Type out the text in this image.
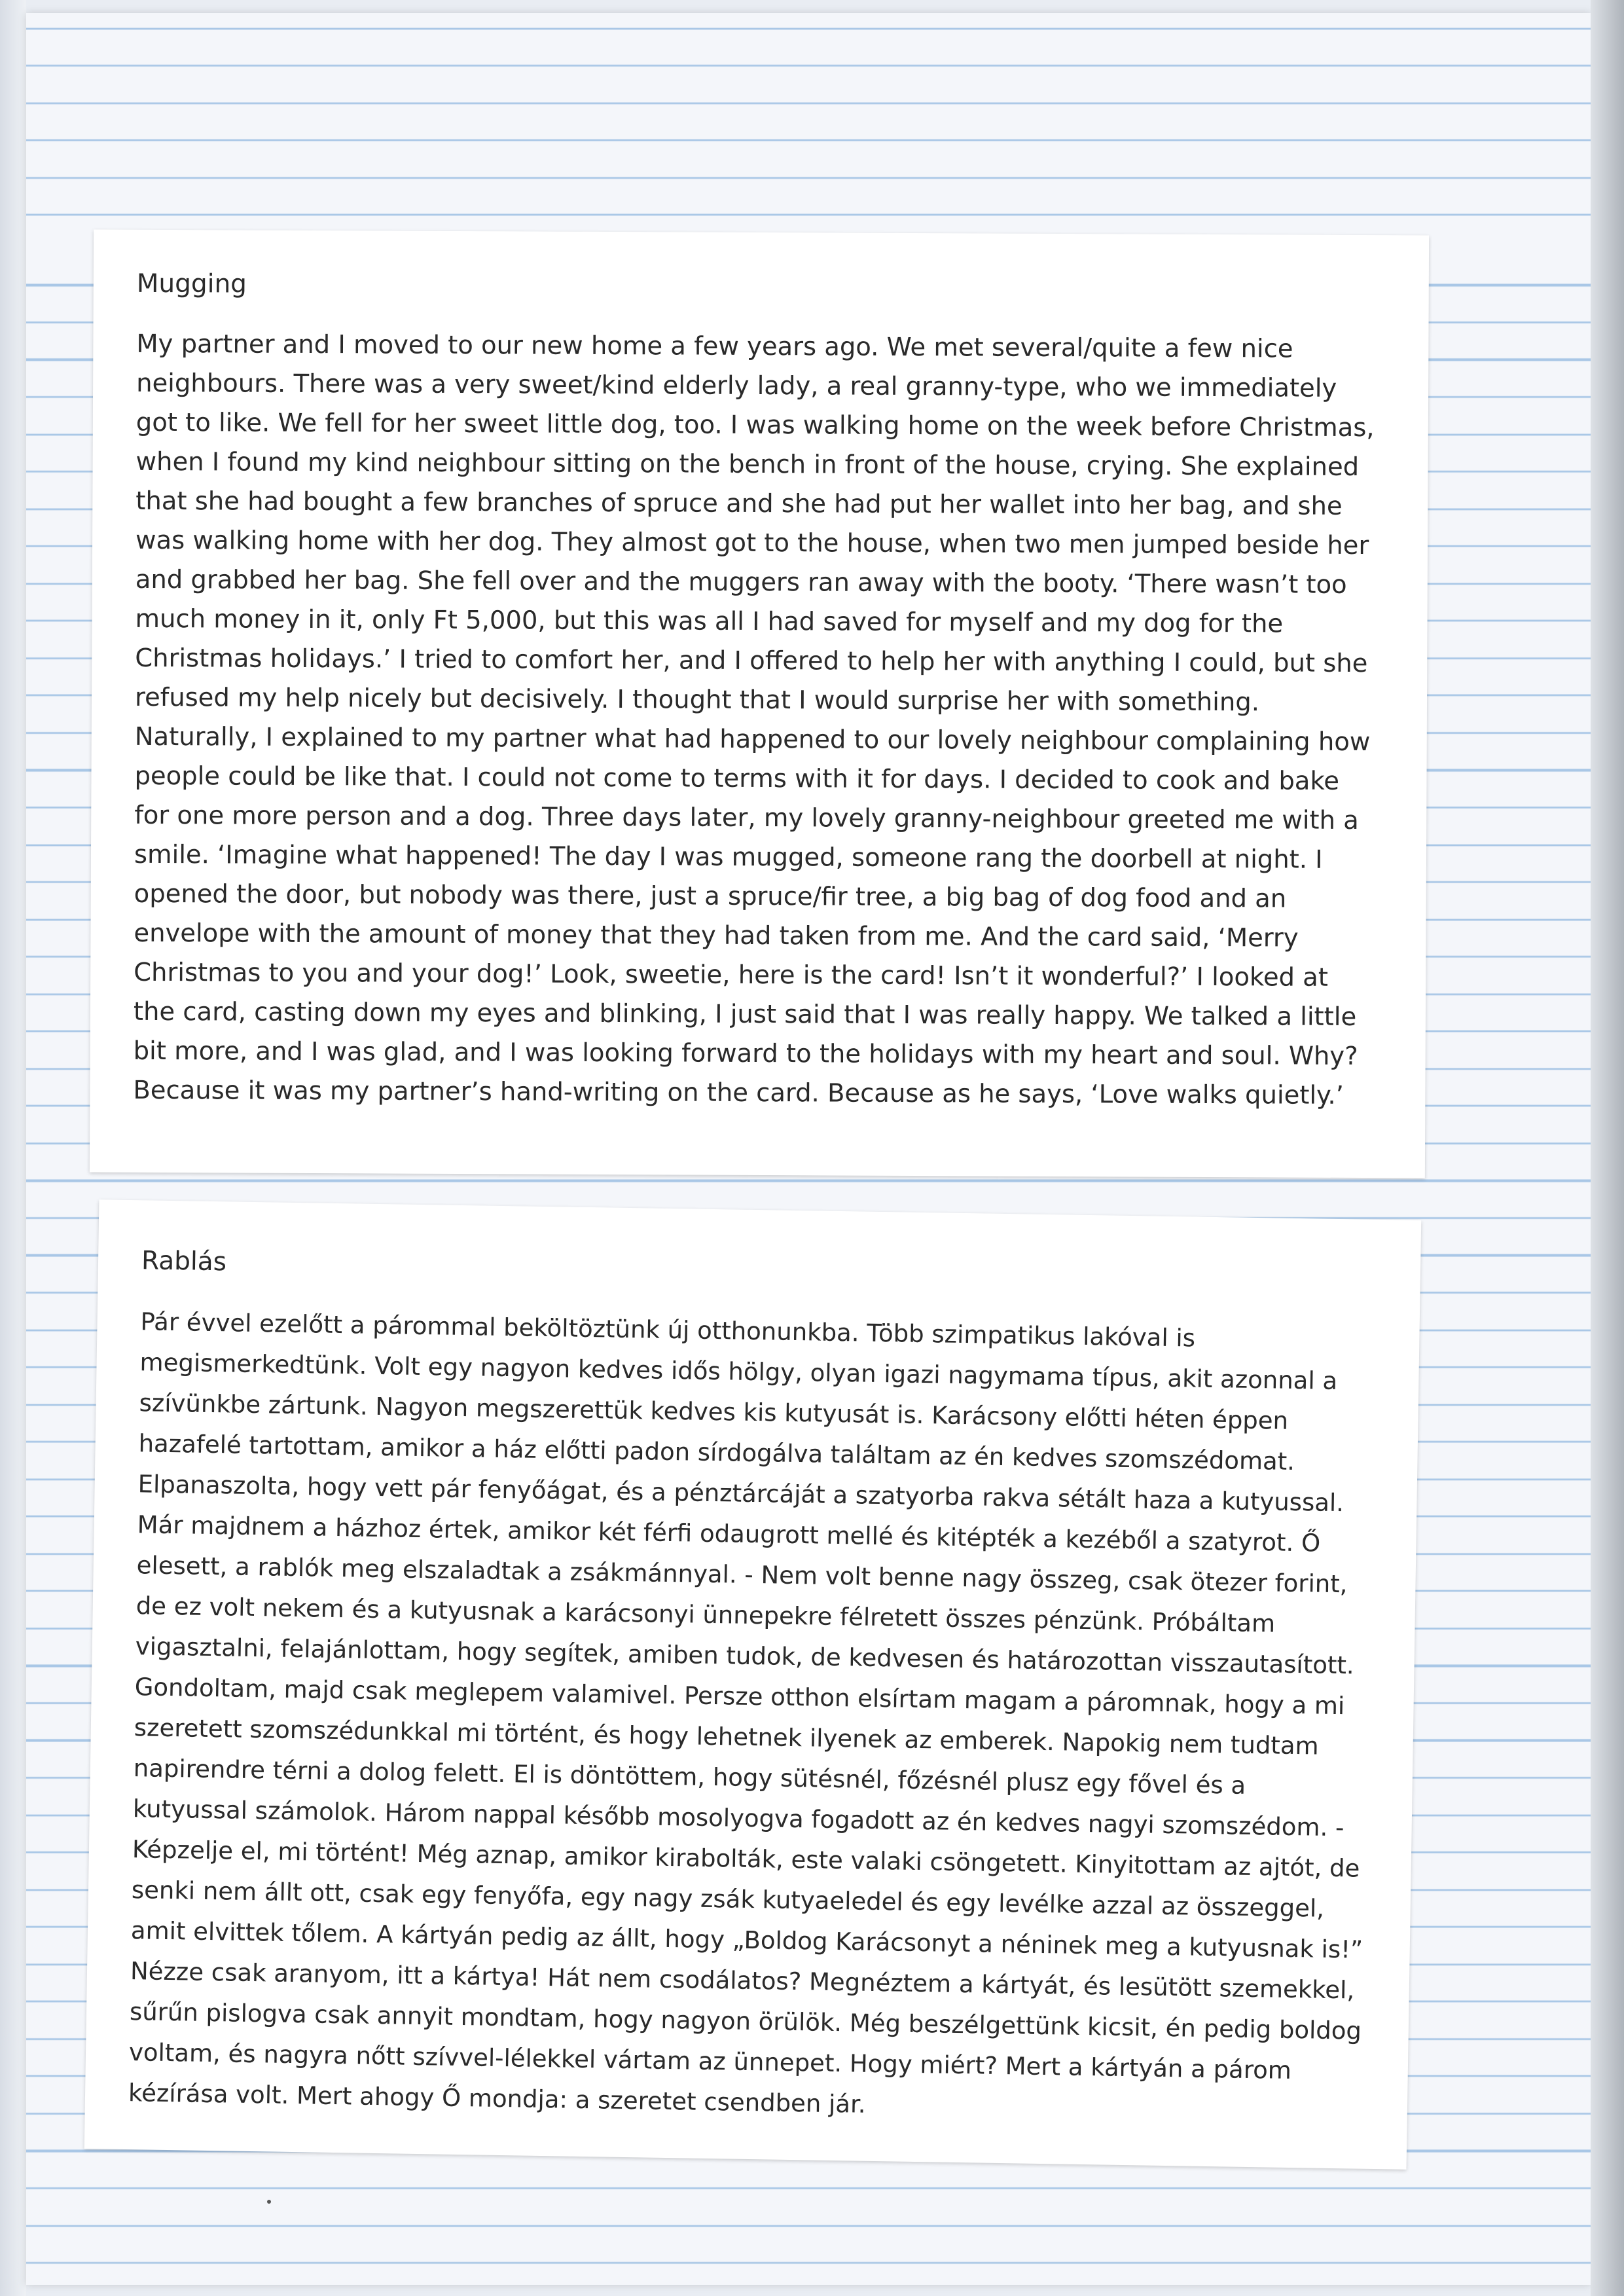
Mugging

My partner and I moved to our new home a few years ago. We met several/quite a few nice neighbours. There was a very sweet/kind elderly lady, a real granny-type, who we immediately got to like. We fell for her sweet little dog, too. I was walking home on the week before Christmas, when I found my kind neighbour sitting on the bench in front of the house, crying. She explained that she had bought a few branches of spruce and she had put her wallet into her bag, and she was walking home with her dog. They almost got to the house, when two men jumped beside her and grabbed her bag. She fell over and the muggers ran away with the booty. ‘There wasn’t too much money in it, only Ft 5,000, but this was all I had saved for myself and my dog for the Christmas holidays.’ I tried to comfort her, and I offered to help her with anything I could, but she refused my help nicely but decisively. I thought that I would surprise her with something. Naturally, I explained to my partner what had happened to our lovely neighbour complaining how people could be like that. I could not come to terms with it for days. I decided to cook and bake for one more person and a dog. Three days later, my lovely granny-neighbour greeted me with a smile. ‘Imagine what happened! The day I was mugged, someone rang the doorbell at night. I opened the door, but nobody was there, just a spruce/fir tree, a big bag of dog food and an envelope with the amount of money that they had taken from me. And the card said, ‘Merry Christmas to you and your dog!’ Look, sweetie, here is the card! Isn’t it wonderful?’ I looked at the card, casting down my eyes and blinking, I just said that I was really happy. We talked a little bit more, and I was glad, and I was looking forward to the holidays with my heart and soul. Why? Because it was my partner’s hand-writing on the card. Because as he says, ‘Love walks quietly.’

Rablás

Pár évvel ezelőtt a párommal beköltöztünk új otthonunkba. Több szimpatikus lakóval is megismerkedtünk. Volt egy nagyon kedves idős hölgy, olyan igazi nagymama típus, akit azonnal a szívünkbe zártunk. Nagyon megszerettük kedves kis kutyusát is. Karácsony előtti héten éppen hazafelé tartottam, amikor a ház előtti padon sírdogálva találtam az én kedves szomszédomat. Elpanaszolta, hogy vett pár fenyőágat, és a pénztárcáját a szatyorba rakva sétált haza a kutyussal. Már majdnem a házhoz értek, amikor két férfi odaugrott mellé és kitépték a kezéből a szatyrot. Ő elesett, a rablók meg elszaladtak a zsákmánnyal. - Nem volt benne nagy összeg, csak ötezer forint, de ez volt nekem és a kutyusnak a karácsonyi ünnepekre félretett összes pénzünk. Próbáltam vigasztalni, felajánlottam, hogy segítek, amiben tudok, de kedvesen és határozottan visszautasított. Gondoltam, majd csak meglepem valamivel. Persze otthon elsírtam magam a páromnak, hogy a mi szeretett szomszédunkkal mi történt, és hogy lehetnek ilyenek az emberek. Napokig nem tudtam napirendre térni a dolog felett. El is döntöttem, hogy sütésnél, főzésnél plusz egy fővel és a kutyussal számolok. Három nappal később mosolyogva fogadott az én kedves nagyi szomszédom. - Képzelje el, mi történt! Még aznap, amikor kirabolták, este valaki csöngetett. Kinyitottam az ajtót, de senki nem állt ott, csak egy fenyőfa, egy nagy zsák kutyaeledel és egy levélke azzal az összeggel, amit elvittek tőlem. A kártyán pedig az állt, hogy „Boldog Karácsonyt a néninek meg a kutyusnak is!” Nézze csak aranyom, itt a kártya! Hát nem csodálatos? Megnéztem a kártyát, és lesütött szemekkel, sűrűn pislogva csak annyit mondtam, hogy nagyon örülök. Még beszélgettünk kicsit, én pedig boldog voltam, és nagyra nőtt szívvel-lélekkel vártam az ünnepet. Hogy miért? Mert a kártyán a párom kézírása volt. Mert ahogy Ő mondja: a szeretet csendben jár.
